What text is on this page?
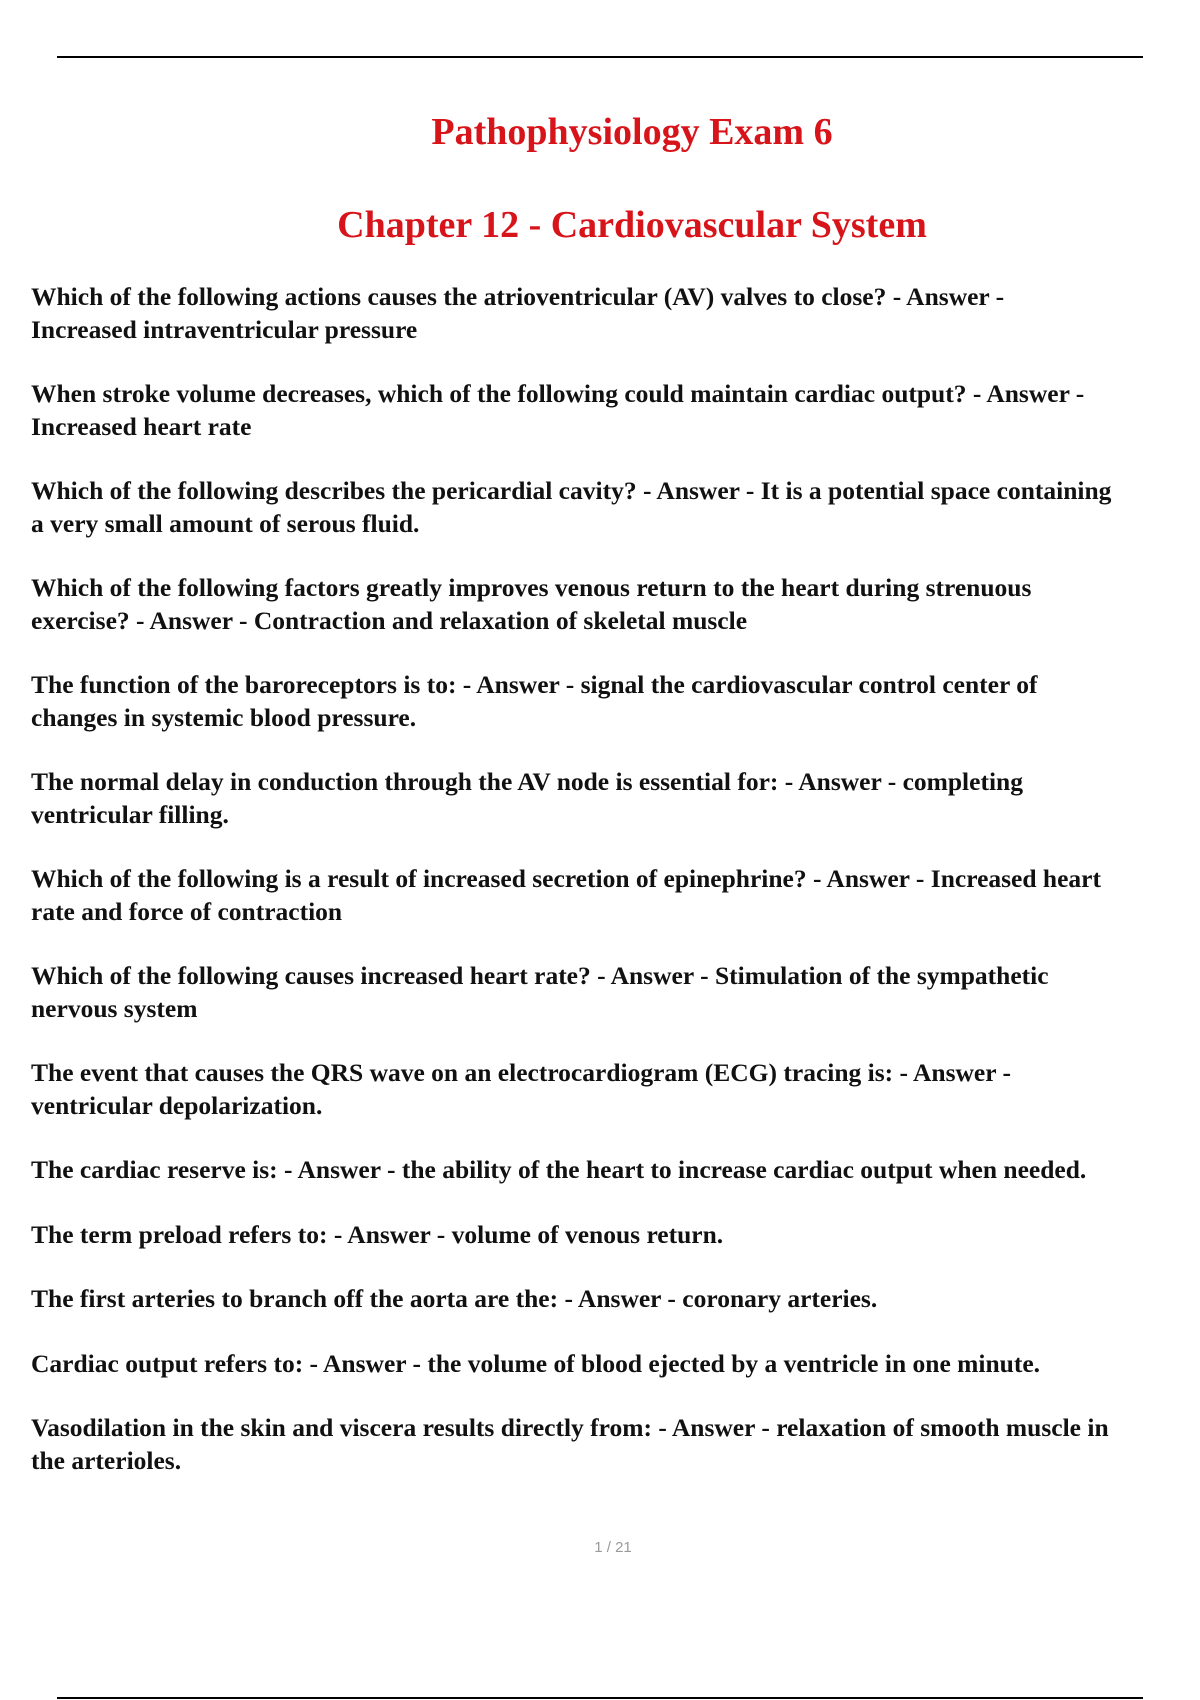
Pathophysiology Exam 6
Chapter 12 - Cardiovascular System
Which of the following actions causes the atrioventricular (AV) valves to close? - Answer -
Increased intraventricular pressure
When stroke volume decreases, which of the following could maintain cardiac output? - Answer -
Increased heart rate
Which of the following describes the pericardial cavity? - Answer - It is a potential space containing
a very small amount of serous fluid.
Which of the following factors greatly improves venous return to the heart during strenuous
exercise? - Answer - Contraction and relaxation of skeletal muscle
The function of the baroreceptors is to: - Answer - signal the cardiovascular control center of
changes in systemic blood pressure.
The normal delay in conduction through the AV node is essential for: - Answer - completing
ventricular filling.
Which of the following is a result of increased secretion of epinephrine? - Answer - Increased heart
rate and force of contraction
Which of the following causes increased heart rate? - Answer - Stimulation of the sympathetic
nervous system
The event that causes the QRS wave on an electrocardiogram (ECG) tracing is: - Answer -
ventricular depolarization.
The cardiac reserve is: - Answer - the ability of the heart to increase cardiac output when needed.
The term preload refers to: - Answer - volume of venous return.
The first arteries to branch off the aorta are the: - Answer - coronary arteries.
Cardiac output refers to: - Answer - the volume of blood ejected by a ventricle in one minute.
Vasodilation in the skin and viscera results directly from: - Answer - relaxation of smooth muscle in
the arterioles.
1 / 21
